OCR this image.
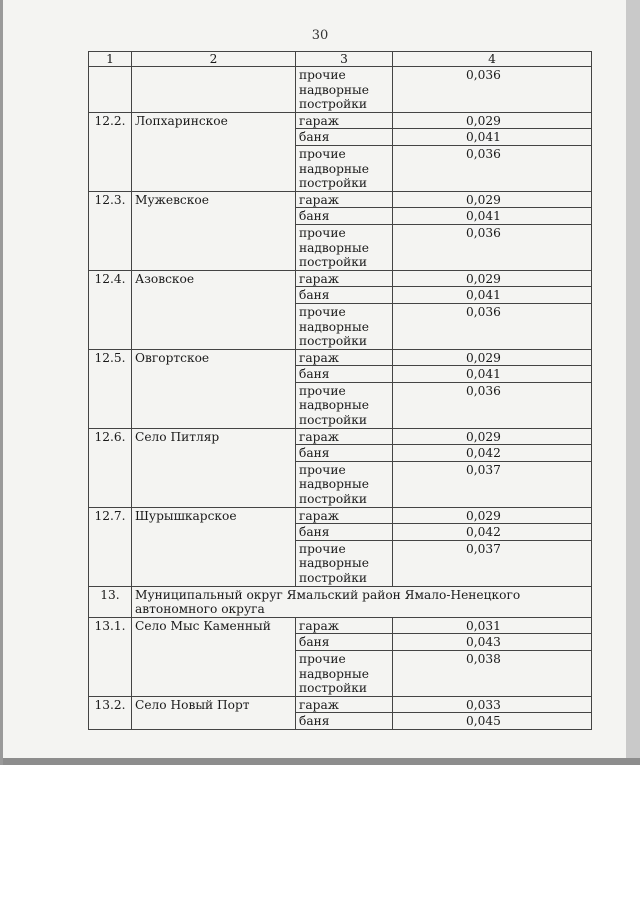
30
1	2	3	4
		прочие надворные постройки	0,036
12.2.	Лопхаринское	гараж	0,029
		баня	0,041
		прочие надворные постройки	0,036
12.3.	Мужевское	гараж	0,029
		баня	0,041
		прочие надворные постройки	0,036
12.4.	Азовское	гараж	0,029
		баня	0,041
		прочие надворные постройки	0,036
12.5.	Овгортское	гараж	0,029
		баня	0,041
		прочие надворные постройки	0,036
12.6.	Село Питляр	гараж	0,029
		баня	0,042
		прочие надворные постройки	0,037
12.7.	Шурышкарское	гараж	0,029
		баня	0,042
		прочие надворные постройки	0,037
13.	Муниципальный округ Ямальский район Ямало-Ненецкого автономного округа		
13.1.	Село Мыс Каменный	гараж	0,031
		баня	0,043
		прочие надворные постройки	0,038
13.2.	Село Новый Порт	гараж	0,033
		баня	0,045
